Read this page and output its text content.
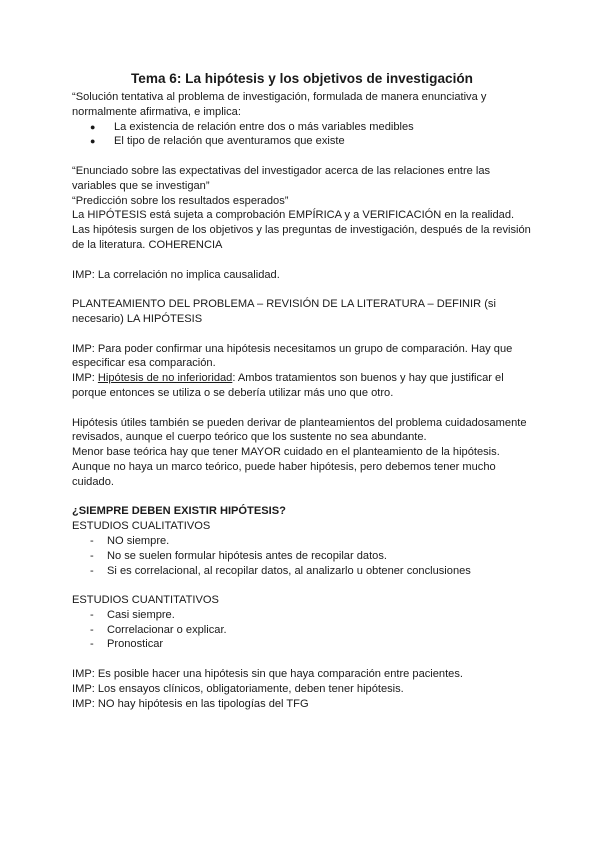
Tema 6: La hipótesis y los objetivos de investigación

“Solución tentativa al problema de investigación, formulada de manera enunciativa y normalmente afirmativa, e implica:

● La existencia de relación entre dos o más variables medibles
● El tipo de relación que aventuramos que existe

“Enunciado sobre las expectativas del investigador acerca de las relaciones entre las variables que se investigan”

“Predicción sobre los resultados esperados”

La HIPÓTESIS está sujeta a comprobación EMPÍRICA y a VERIFICACIÓN en la realidad.

Las hipótesis surgen de los objetivos y las preguntas de investigación, después de la revisión de la literatura. COHERENCIA

IMP: La correlación no implica causalidad.

PLANTEAMIENTO DEL PROBLEMA – REVISIÓN DE LA LITERATURA – DEFINIR (si necesario) LA HIPÓTESIS

IMP: Para poder confirmar una hipótesis necesitamos un grupo de comparación. Hay que especificar esa comparación.

IMP: Hipótesis de no inferioridad: Ambos tratamientos son buenos y hay que justificar el porque entonces se utiliza o se debería utilizar más uno que otro.

Hipótesis útiles también se pueden derivar de planteamientos del problema cuidadosamente revisados, aunque el cuerpo teórico que los sustente no sea abundante.

Menor base teórica hay que tener MAYOR cuidado en el planteamiento de la hipótesis.

Aunque no haya un marco teórico, puede haber hipótesis, pero debemos tener mucho cuidado.

¿SIEMPRE DEBEN EXISTIR HIPÓTESIS?

ESTUDIOS CUALITATIVOS

- NO siempre.
- No se suelen formular hipótesis antes de recopilar datos.
- Si es correlacional, al recopilar datos, al analizarlo u obtener conclusiones

ESTUDIOS CUANTITATIVOS

- Casi siempre.
- Correlacionar o explicar.
- Pronosticar

IMP: Es posible hacer una hipótesis sin que haya comparación entre pacientes.

IMP: Los ensayos clínicos, obligatoriamente, deben tener hipótesis.

IMP: NO hay hipótesis en las tipologías del TFG
